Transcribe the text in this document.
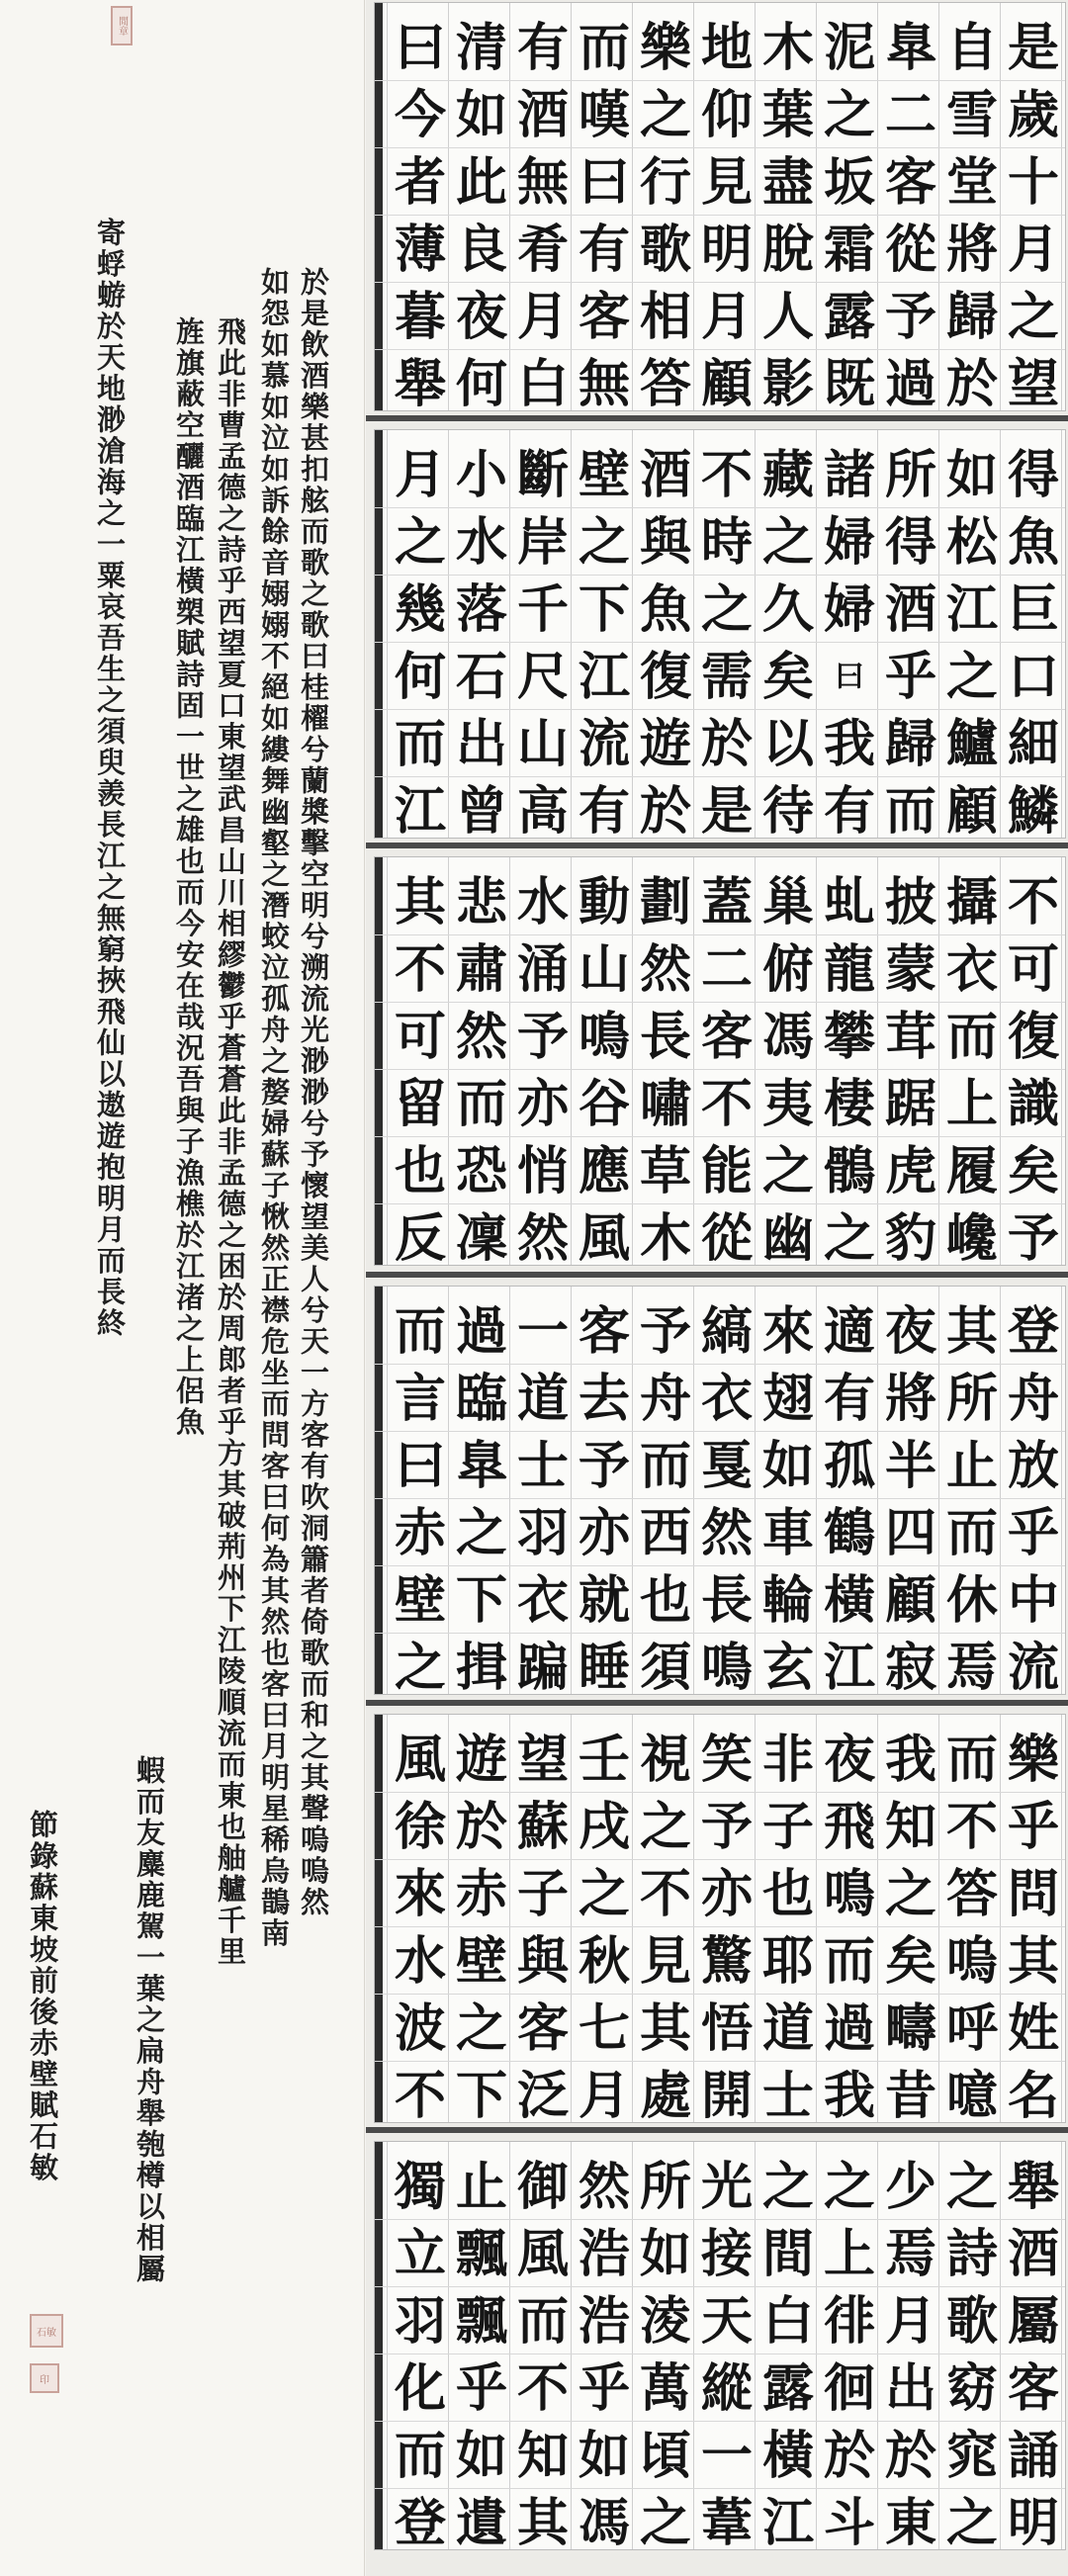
閒章
於是飲酒樂甚扣舷而歌之歌曰桂櫂兮蘭槳擊空明兮溯流光渺渺兮予懷望美人兮天一方客有吹洞簫者倚歌而和之其聲嗚嗚然
如怨如慕如泣如訴餘音嫋嫋不絕如縷舞幽壑之潛蛟泣孤舟之嫠婦蘇子愀然正襟危坐而問客曰何為其然也客曰月明星稀烏鵲南
飛此非曹孟德之詩乎西望夏口東望武昌山川相繆鬱乎蒼蒼此非孟德之困於周郎者乎方其破荊州下江陵順流而東也舳艫千里
旌旗蔽空釃酒臨江橫槊賦詩固一世之雄也而今安在哉況吾與子漁樵於江渚之上侶魚
蝦而友麋鹿駕一葉之扁舟舉匏樽以相屬
寄蜉蝣於天地渺滄海之一粟哀吾生之須臾羨長江之無窮挾飛仙以遨遊抱明月而長終
節錄蘇東坡前後赤壁賦石敏
石敏
印
是
歲
十
月
之
望
自
雪
堂
將
歸
於
臯
二
客
從
予
過
泥
之
坂
霜
露
既
木
葉
盡
脫
人
影
地
仰
見
明
月
顧
樂
之
行
歌
相
答
而
嘆
曰
有
客
無
有
酒
無
肴
月
白
清
如
此
良
夜
何
曰
今
者
薄
暮
舉
得
魚
巨
口
細
鱗
如
松
江
之
鱸
顧
所
得
酒
乎
歸
而
諸
婦
婦
曰
我
有
藏
之
久
矣
以
待
不
時
之
需
於
是
酒
與
魚
復
遊
於
壁
之
下
江
流
有
斷
岸
千
尺
山
高
小
水
落
石
出
曾
月
之
幾
何
而
江
不
可
復
識
矣
予
攝
衣
而
上
履
巉
披
蒙
茸
踞
虎
豹
虬
龍
攀
棲
鶻
之
巢
俯
馮
夷
之
幽
蓋
二
客
不
能
從
劃
然
長
嘯
草
木
動
山
鳴
谷
應
風
水
涌
予
亦
悄
然
悲
肅
然
而
恐
凜
其
不
可
留
也
反
登
舟
放
乎
中
流
其
所
止
而
休
焉
夜
將
半
四
顧
寂
適
有
孤
鶴
橫
江
來
翅
如
車
輪
玄
縞
衣
戛
然
長
鳴
予
舟
而
西
也
須
客
去
予
亦
就
睡
一
道
士
羽
衣
蹁
過
臨
臯
之
下
揖
而
言
曰
赤
壁
之
樂
乎
問
其
姓
名
而
不
答
嗚
呼
噫
我
知
之
矣
疇
昔
夜
飛
鳴
而
過
我
非
子
也
耶
道
士
笑
予
亦
驚
悟
開
視
之
不
見
其
處
壬
戌
之
秋
七
月
望
蘇
子
與
客
泛
遊
於
赤
壁
之
下
風
徐
來
水
波
不
舉
酒
屬
客
誦
明
之
詩
歌
窈
窕
之
少
焉
月
出
於
東
之
上
徘
徊
於
斗
之
間
白
露
橫
江
光
接
天
縱
一
葦
所
如
淩
萬
頃
之
然
浩
浩
乎
如
馮
御
風
而
不
知
其
止
飄
飄
乎
如
遺
獨
立
羽
化
而
登
